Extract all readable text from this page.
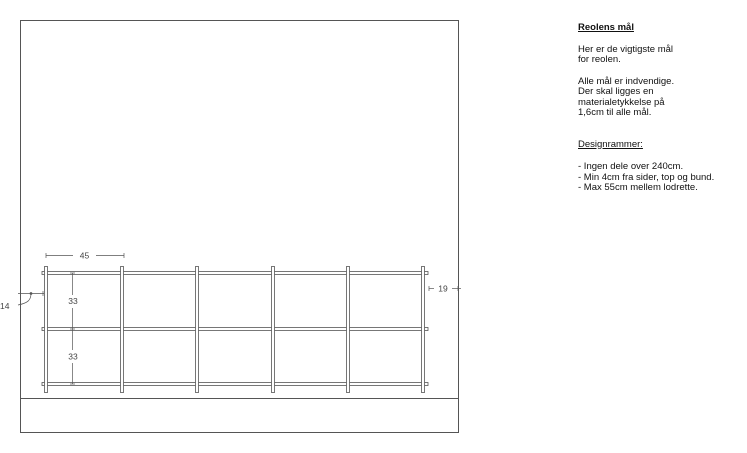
45
33
33
19
14
Reolens mål
Her er de vigtigste mål
for reolen.
Alle mål er indvendige.
Der skal ligges en
materialetykkelse på
1,6cm til alle mål.
Designrammer:
- Ingen dele over 240cm.
- Min 4cm fra sider, top og bund.
- Max 55cm mellem lodrette.
